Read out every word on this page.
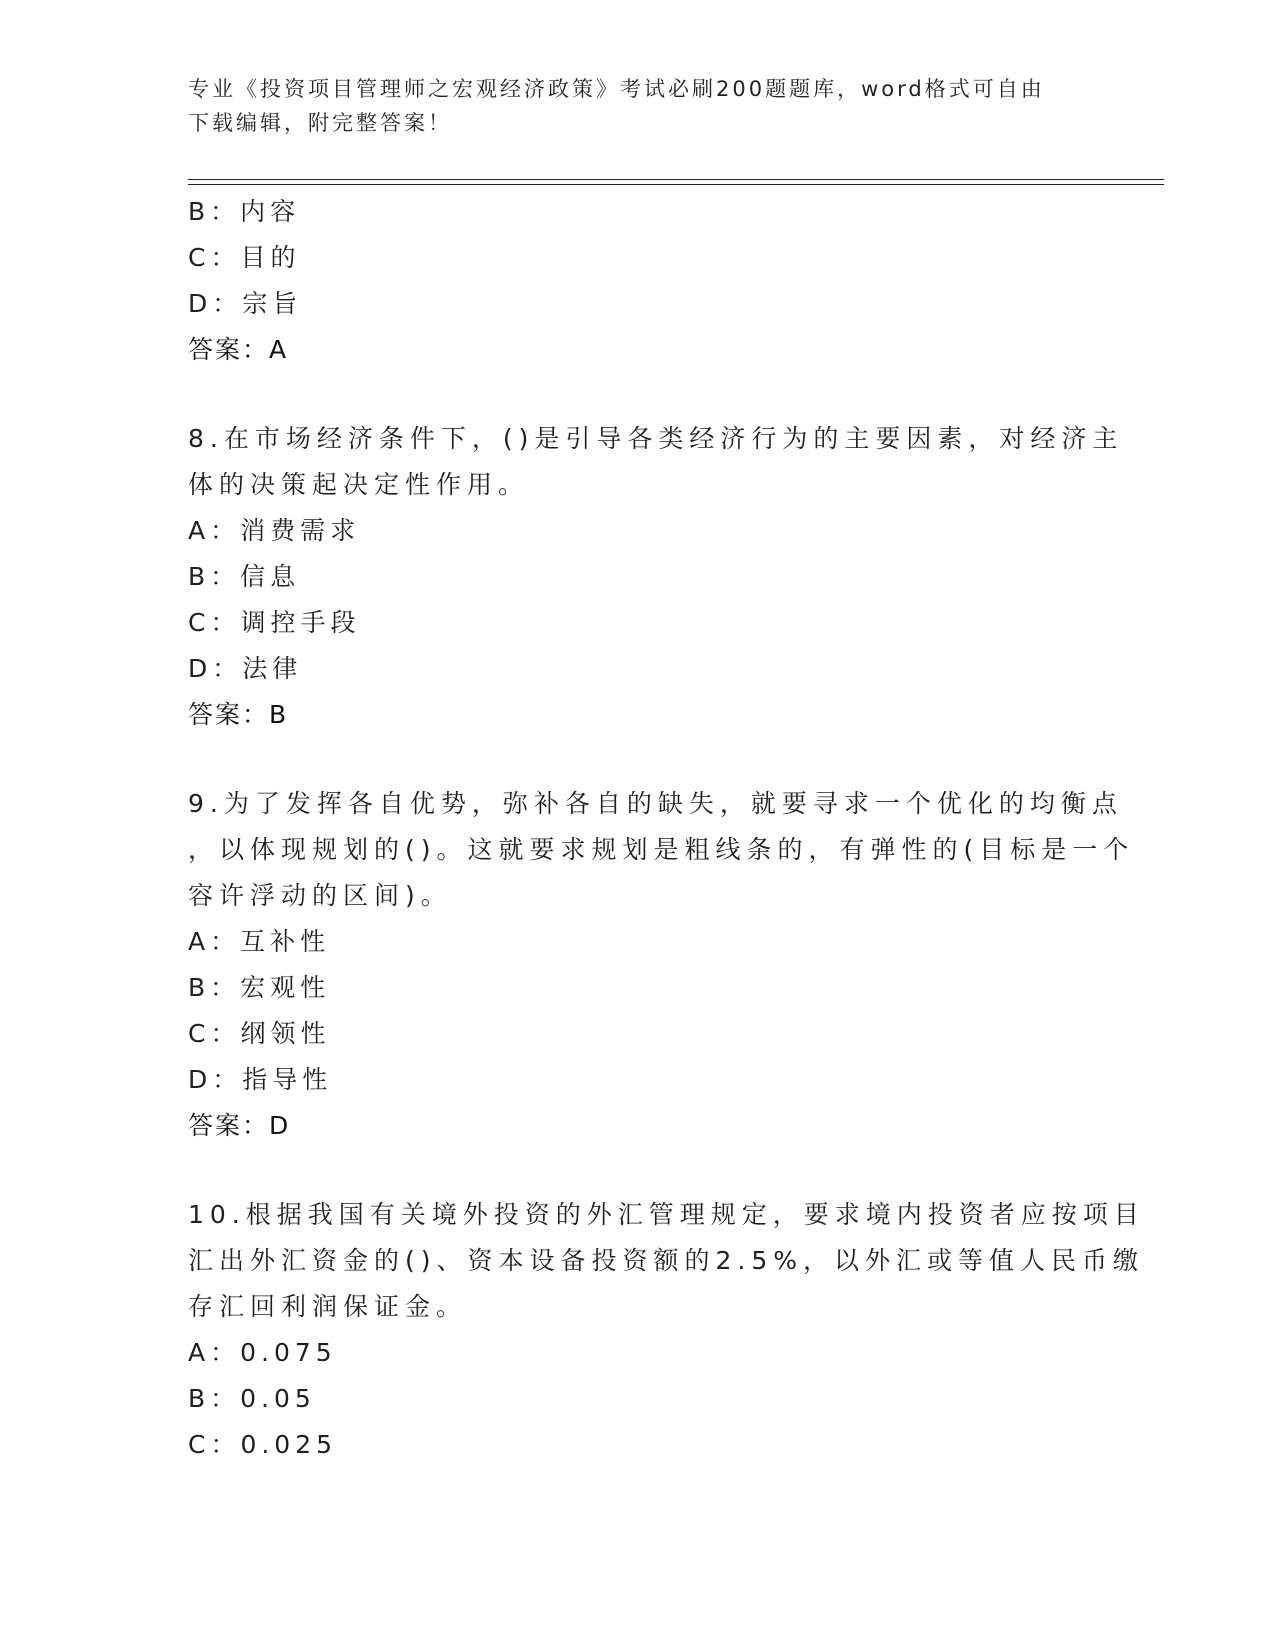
专业《投资项目管理师之宏观经济政策》考试必刷200题题库，word格式可自由
下载编辑，附完整答案！
B：内容
C：目的
D：宗旨
答案：A
8.在市场经济条件下，()是引导各类经济行为的主要因素，对经济主
体的决策起决定性作用。
A：消费需求
B：信息
C：调控手段
D：法律
答案：B
9.为了发挥各自优势，弥补各自的缺失，就要寻求一个优化的均衡点
，以体现规划的()。这就要求规划是粗线条的，有弹性的(目标是一个
容许浮动的区间)。
A：互补性
B：宏观性
C：纲领性
D：指导性
答案：D
10.根据我国有关境外投资的外汇管理规定，要求境内投资者应按项目
汇出外汇资金的()、资本设备投资额的2.5%，以外汇或等值人民币缴
存汇回利润保证金。
A：0.075
B：0.05
C：0.025
